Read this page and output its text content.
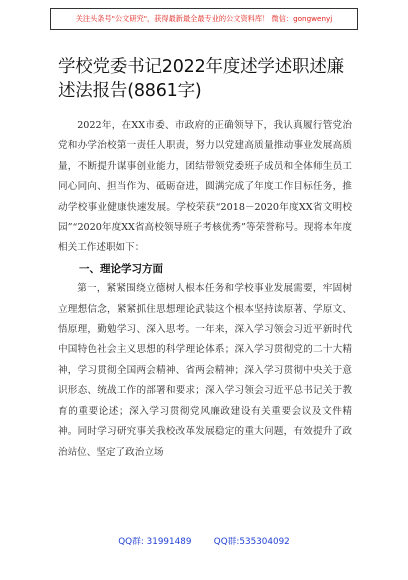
关注头条号"公文研究"，获得最新最全最专业的公文资料库！ 微信：gongwenyj
学校党委书记2022年度述学述职述廉述法报告(8861字)

2022年，在XX市委、市政府的正确领导下，我认真履行管党治党和办学治校第一责任人职责，努力以党建高质量推动事业发展高质量，不断提升谋事创业能力，团结带领党委班子成员和全体师生员工同心同向、担当作为、砥砺奋进，圆满完成了年度工作目标任务，推动学校事业健康快速发展。学校荣获“2018－2020年度XX省文明校园”“2020年度XX省高校领导班子考核优秀”等荣誉称号。现将本年度相关工作述职如下：

一、理论学习方面

第一，紧紧围绕立德树人根本任务和学校事业发展需要，牢固树立理想信念，紧紧抓住思想理论武装这个根本坚持读原著、学原文、悟原理，勤勉学习、深入思考。一年来，深入学习领会习近平新时代中国特色社会主义思想的科学理论体系；深入学习贯彻党的二十大精神，学习贯彻全国两会精神、省两会精神；深入学习贯彻中央关于意识形态、统战工作的部署和要求；深入学习领会习近平总书记关于教育的重要论述；深入学习贯彻党风廉政建设有关重要会议及文件精神。同时学习研究事关我校改革发展稳定的重大问题，有效提升了政治站位、坚定了政治立场

QQ群: 31991489        QQ群:535304092
